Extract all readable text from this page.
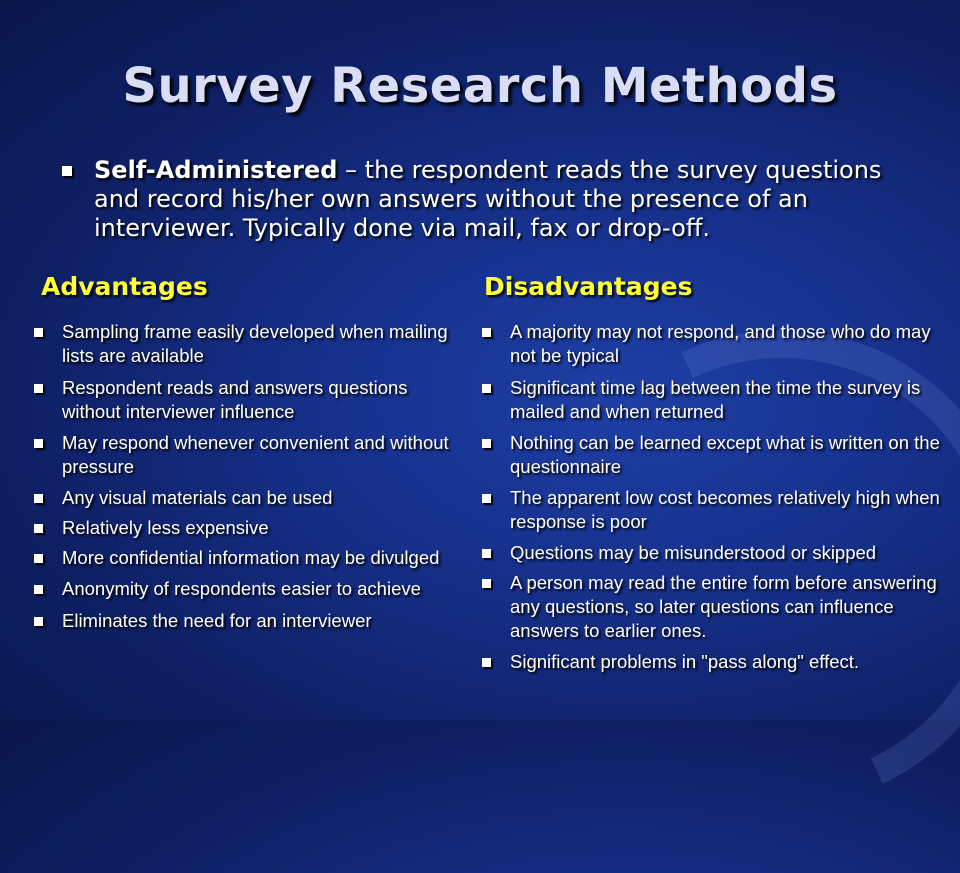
Survey Research Methods
Self-Administered – the respondent reads the survey questions and record his/her own answers without the presence of an interviewer. Typically done via mail, fax or drop-off.
Advantages	Disadvantages
Sampling frame easily developed when mailing lists are available
Respondent reads and answers questions without interviewer influence
May respond whenever convenient and without pressure
Any visual materials can be used
Relatively less expensive
More confidential information may be divulged
Anonymity of respondents easier to achieve
Eliminates the need for an interviewer
A majority may not respond, and those who do may not be typical
Significant time lag between the time the survey is mailed and when returned
Nothing can be learned except what is written on the questionnaire
The apparent low cost becomes relatively high when response is poor
Questions may be misunderstood or skipped
A person may read the entire form before answering any questions, so later questions can influence answers to earlier ones.
Significant problems in "pass along" effect.
